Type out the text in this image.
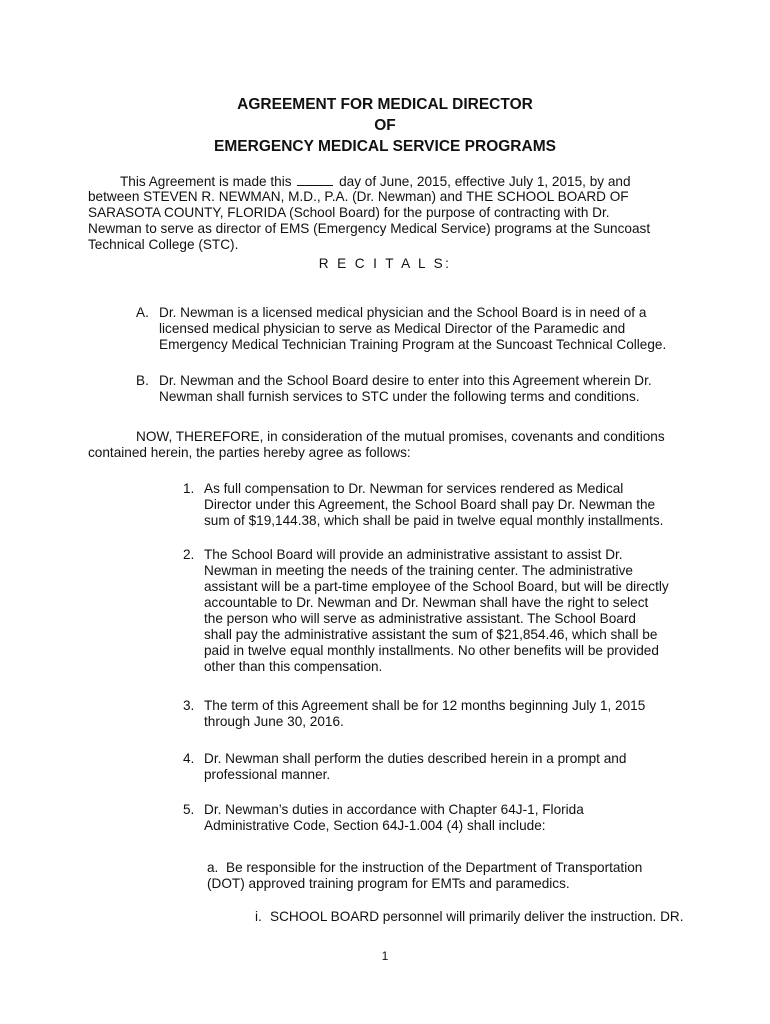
AGREEMENT FOR MEDICAL DIRECTOR
OF
EMERGENCY MEDICAL SERVICE PROGRAMS
This Agreement is made this	day of June, 2015, effective July 1, 2015, by and
between STEVEN R. NEWMAN, M.D., P.A. (Dr. Newman) and THE SCHOOL BOARD OF
SARASOTA COUNTY, FLORIDA (School Board) for the purpose of contracting with Dr.
Newman to serve as director of EMS (Emergency Medical Service) programs at the Suncoast
Technical College (STC).
R E C I T A L S:
A. Dr. Newman is a licensed medical physician and the School Board is in need of a
licensed medical physician to serve as Medical Director of the Paramedic and
Emergency Medical Technician Training Program at the Suncoast Technical College.
B. Dr. Newman and the School Board desire to enter into this Agreement wherein Dr.
Newman shall furnish services to STC under the following terms and conditions.
NOW, THEREFORE, in consideration of the mutual promises, covenants and conditions
contained herein, the parties hereby agree as follows:
1. As full compensation to Dr. Newman for services rendered as Medical
Director under this Agreement, the School Board shall pay Dr. Newman the
sum of $19,144.38, which shall be paid in twelve equal monthly installments.
2. The School Board will provide an administrative assistant to assist Dr.
Newman in meeting the needs of the training center. The administrative
assistant will be a part-time employee of the School Board, but will be directly
accountable to Dr. Newman and Dr. Newman shall have the right to select
the person who will serve as administrative assistant. The School Board
shall pay the administrative assistant the sum of $21,854.46, which shall be
paid in twelve equal monthly installments. No other benefits will be provided
other than this compensation.
3. The term of this Agreement shall be for 12 months beginning July 1, 2015
through June 30, 2016.
4. Dr. Newman shall perform the duties described herein in a prompt and
professional manner.
5. Dr. Newman’s duties in accordance with Chapter 64J-1, Florida
Administrative Code, Section 64J-1.004 (4) shall include:
a. Be responsible for the instruction of the Department of Transportation
(DOT) approved training program for EMTs and paramedics.
i. SCHOOL BOARD personnel will primarily deliver the instruction. DR.
1
